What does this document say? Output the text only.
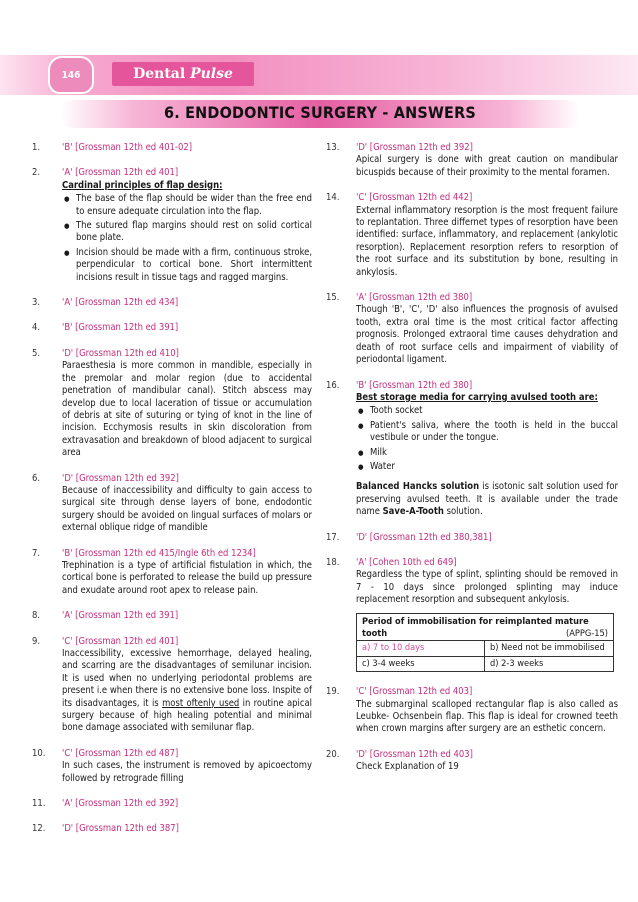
146	Dental Pulse
6. ENDODONTIC SURGERY - ANSWERS
1. 'B' [Grossman 12th ed 401-02]
2. 'A' [Grossman 12th ed 401]
Cardinal principles of flap design:
● The base of the flap should be wider than the free end to ensure adequate circulation into the flap.
● The sutured flap margins should rest on solid cortical bone plate.
● Incision should be made with a firm, continuous stroke, perpendicular to cortical bone. Short intermittent incisions result in tissue tags and ragged margins.
3. 'A' [Grossman 12th ed 434]
4. 'B' [Grossman 12th ed 391]
5. 'D' [Grossman 12th ed 410]

Paraesthesia is more common in mandible, especially in the premolar and molar region (due to accidental penetration of mandibular canal). Stitch abscess may develop due to local laceration of tissue or accumulation of debris at site of suturing or tying of knot in the line of incision. Ecchymosis results in skin discoloration from extravasation and breakdown of blood adjacent to surgical area

6. 'D' [Grossman 12th ed 392]

Because of inaccessibility and difficulty to gain access to surgical site through dense layers of bone, endodontic surgery should be avoided on lingual surfaces of molars or external oblique ridge of mandible

7. 'B' [Grossman 12th ed 415/Ingle 6th ed 1234]

Trephination is a type of artificial fistulation in which, the cortical bone is perforated to release the build up pressure and exudate around root apex to release pain.

8. 'A' [Grossman 12th ed 391]
9. 'C' [Grossman 12th ed 401]

Inaccessibility, excessive hemorrhage, delayed healing, and scarring are the disadvantages of semilunar incision. It is used when no underlying periodontal problems are present i.e when there is no extensive bone loss. Inspite of its disadvantages, it is most oftenly used in routine apical surgery because of high healing potential and minimal bone damage associated with semilunar flap.

10. 'C' [Grossman 12th ed 487]

In such cases, the instrument is removed by apicoectomy followed by retrograde filling

11. 'A' [Grossman 12th ed 392]
12. 'D' [Grossman 12th ed 387]
13. 'D' [Grossman 12th ed 392]

Apical surgery is done with great caution on mandibular bicuspids because of their proximity to the mental foramen.

14. 'C' [Grossman 12th ed 442]

External inflammatory resorption is the most frequent failure to replantation. Three differnet types of resorption have been identified: surface, inflammatory, and replacement (ankylotic resorption). Replacement resorption refers to resorption of the root surface and its substitution by bone, resulting in ankylosis.

15. 'A' [Grossman 12th ed 380]

Though 'B', 'C', 'D' also influences the prognosis of avulsed tooth, extra oral time is the most critical factor affecting prognosis. Prolonged extraoral time causes dehydration and death of root surface cells and impairment of viability of periodontal ligament.

16. 'B' [Grossman 12th ed 380]
Best storage media for carrying avulsed tooth are:
● Tooth socket
● Patient's saliva, where the tooth is held in the buccal vestibule or under the tongue.
● Milk
● Water

Balanced Hancks solution is isotonic salt solution used for preserving avulsed teeth. It is available under the trade name Save-A-Tooth solution.

17. 'D' [Grossman 12th ed 380,381]
18. 'A' [Cohen 10th ed 649]

Regardless the type of splint, splinting should be removed in 7 - 10 days since prolonged splinting may induce replacement resorption and subsequent ankylosis.

Period of immobilisation for reimplanted mature
tooth	(APPG-15)
a) 7 to 10 days	b) Need not be immobilised
c) 3-4 weeks	d) 2-3 weeks
19. 'C' [Grossman 12th ed 403]

The submarginal scalloped rectangular flap is also called as Leubke- Ochsenbein flap. This flap is ideal for crowned teeth when crown margins after surgery are an esthetic concern.

20. 'D' [Grossman 12th ed 403]

Check Explanation of 19
